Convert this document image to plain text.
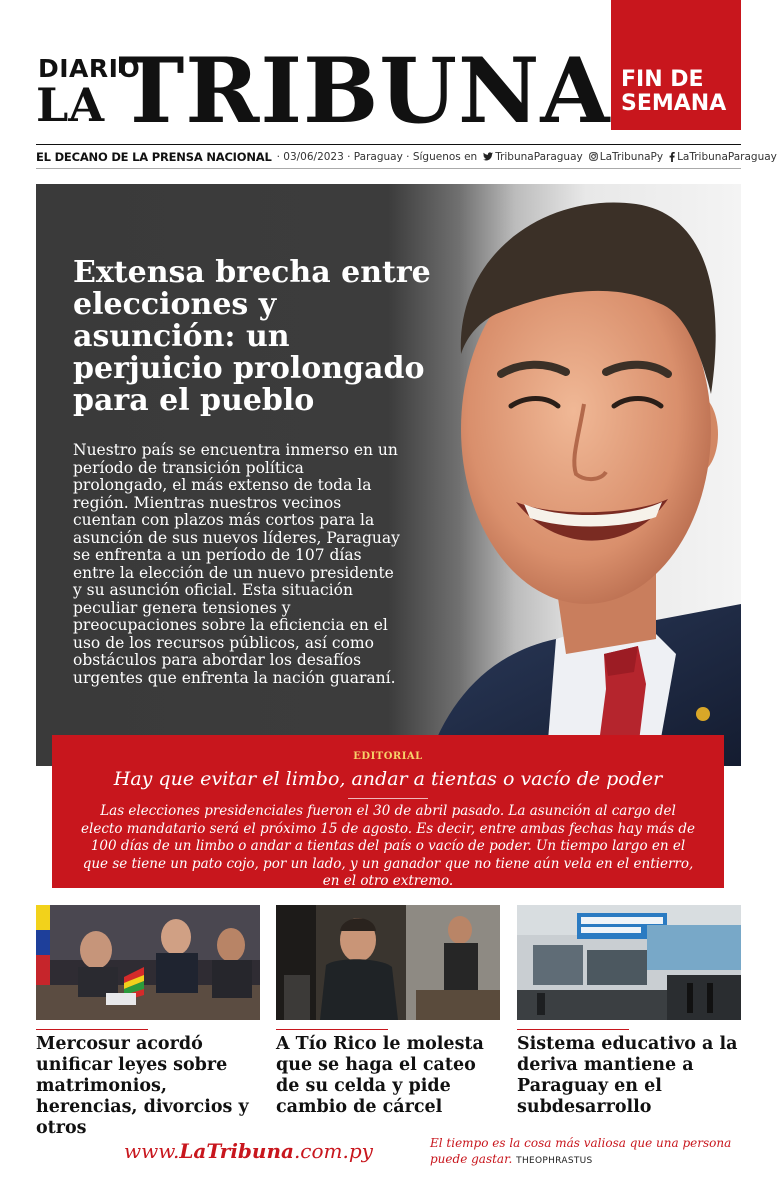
DIARIO
LA TRIBUNA FIN DE
SEMANA
EL DECANO DE LA PRENSA NACIONAL · 03/06/2023 · Paraguay · Síguenos en TribunaParaguay LaTribunaPy LaTribunaParaguay
Extensa brecha entre elecciones y asunción: un perjuicio prolongado para el pueblo
Nuestro país se encuentra inmerso en un período de transición política prolongado, el más extenso de toda la región. Mientras nuestros vecinos cuentan con plazos más cortos para la asunción de sus nuevos líderes, Paraguay se enfrenta a un período de 107 días entre la elección de un nuevo presidente y su asunción oficial. Esta situación peculiar genera tensiones y preocupaciones sobre la eficiencia en el uso de los recursos públicos, así como obstáculos para abordar los desafíos urgentes que enfrenta la nación guaraní.
EDITORIAL
Hay que evitar el limbo, andar a tientas o vacío de poder
Las elecciones presidenciales fueron el 30 de abril pasado. La asunción al cargo del electo mandatario será el próximo 15 de agosto. Es decir, entre ambas fechas hay más de 100 días de un limbo o andar a tientas del país o vacío de poder. Un tiempo largo en el que se tiene un pato cojo, por un lado, y un ganador que no tiene aún vela en el entierro, en el otro extremo.
Mercosur acordó unificar leyes sobre matrimonios, herencias, divorcios y otros
A Tío Rico le molesta que se haga el cateo de su celda y pide cambio de cárcel
Sistema educativo a la deriva mantiene a Paraguay en el subdesarrollo
www.LaTribuna.com.py	El tiempo es la cosa más valiosa que una persona puede gastar. THEOPHRASTUS
